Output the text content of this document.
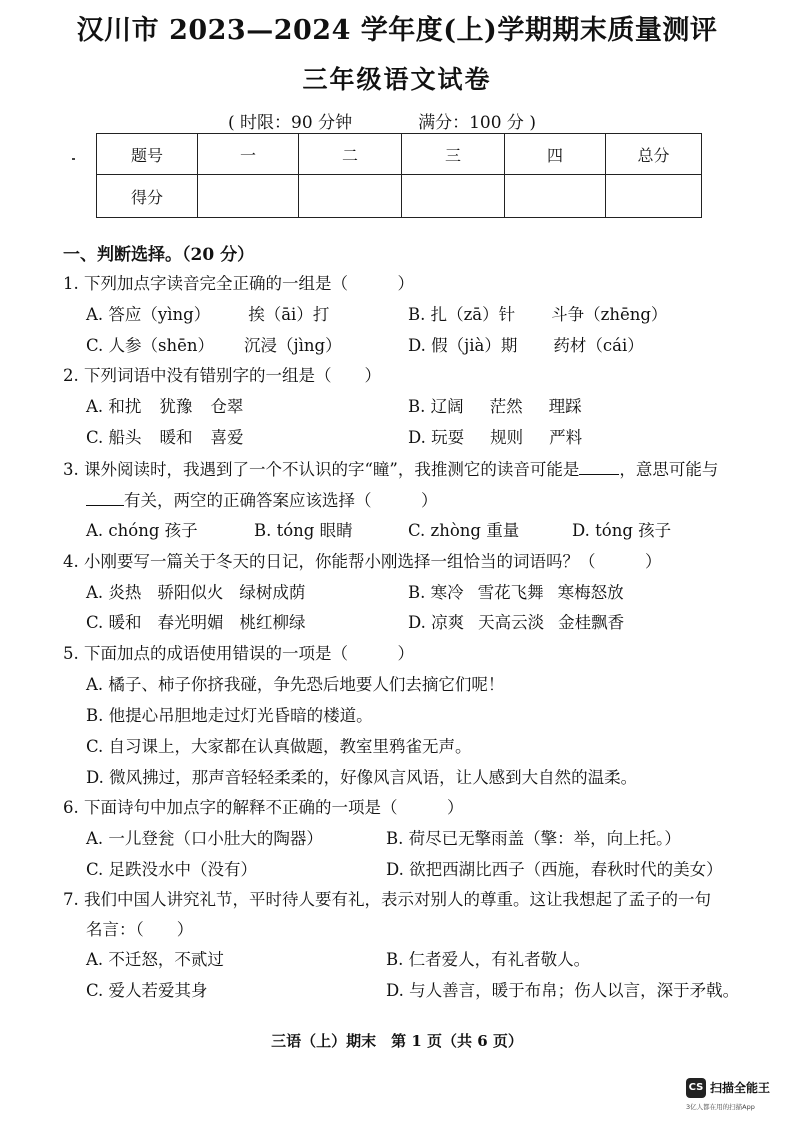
汉川市 2023—2024 学年度(上)学期期末质量测评
三年级语文试卷
( 时限：90 分钟	满分：100 分 )
题号	一	二	三	四	总分
得分					
一、判断选择。（20 分）
1. 下列加点字读音完全正确的一组是（　　　）
A. 答应（yìng） 挨（āi）打	B. 扎（zā）针 斗争（zhēng）
C. 人参（shēn） 沉浸（jìng）	D. 假（jià）期 药材（cái）
2. 下列词语中没有错别字的一组是（　　）
A. 和扰 犹豫 仓翠	B. 辽阔 茫然 理踩
C. 船头 暖和 喜爱	D. 玩耍 规则 严料
3. 课外阅读时，我遇到了一个不认识的字“瞳”，我推测它的读音可能是 ，意思可能与
有关，两空的正确答案应该选择（　　　）
A. chóng 孩子	B. tóng 眼睛	C. zhòng 重量	D. tóng 孩子
4. 小刚要写一篇关于冬天的日记，你能帮小刚选择一组恰当的词语吗？（　　　）
A. 炎热 骄阳似火 绿树成荫	B. 寒冷 雪花飞舞 寒梅怒放
C. 暖和 春光明媚 桃红柳绿	D. 凉爽 天高云淡 金桂飘香
5. 下面加点的成语使用错误的一项是（　　　）
A. 橘子、柿子你挤我碰，争先恐后地要人们去摘它们呢！
B. 他提心吊胆地走过灯光昏暗的楼道。
C. 自习课上，大家都在认真做题，教室里鸦雀无声。
D. 微风拂过，那声音轻轻柔柔的，好像风言风语，让人感到大自然的温柔。
6. 下面诗句中加点字的解释不正确的一项是（　　　）
A. 一儿登瓮（口小肚大的陶器）	B. 荷尽已无擎雨盖（擎：举，向上托。）
C. 足跌没水中（没有）	D. 欲把西湖比西子（西施，春秋时代的美女）
7. 我们中国人讲究礼节，平时待人要有礼，表示对别人的尊重。这让我想起了孟子的一句
名言：（　　）
A. 不迁怒，不贰过	B. 仁者爱人，有礼者敬人。
C. 爱人若爱其身	D. 与人善言，暖于布帛；伤人以言，深于矛戟。
三语（上）期末　第 1 页（共 6 页）
CS 扫描全能王
3亿人都在用的扫描App
